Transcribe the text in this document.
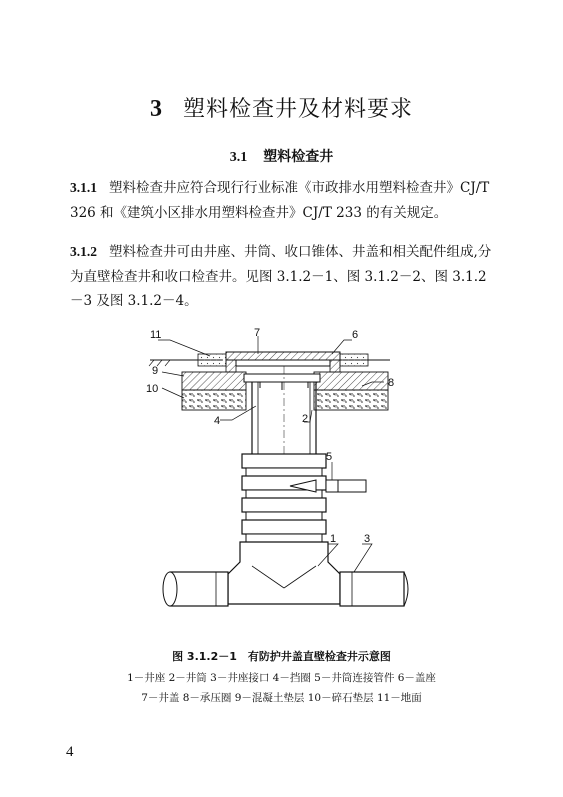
3 塑料检查井及材料要求
3.1 塑料检查井
3.1.1 塑料检查井应符合现行行业标准《市政排水用塑料检查井》CJ/T 326 和《建筑小区排水用塑料检查井》CJ/T 233 的有关规定。
3.1.2 塑料检查井可由井座、井筒、收口锥体、井盖和相关配件组成,分为直壁检查井和收口检查井。见图 3.1.2－1、图 3.1.2－2、图 3.1.2－3 及图 3.1.2－4。
11	7	6
9
8
10
4	2
5
1	3
图 3.1.2－1　有防护井盖直壁检查井示意图
1－井座 2－井筒 3－井座接口 4－挡圈 5－井筒连接管件 6－盖座
7－井盖 8－承压圈 9－混凝土垫层 10－碎石垫层 11－地面
4
